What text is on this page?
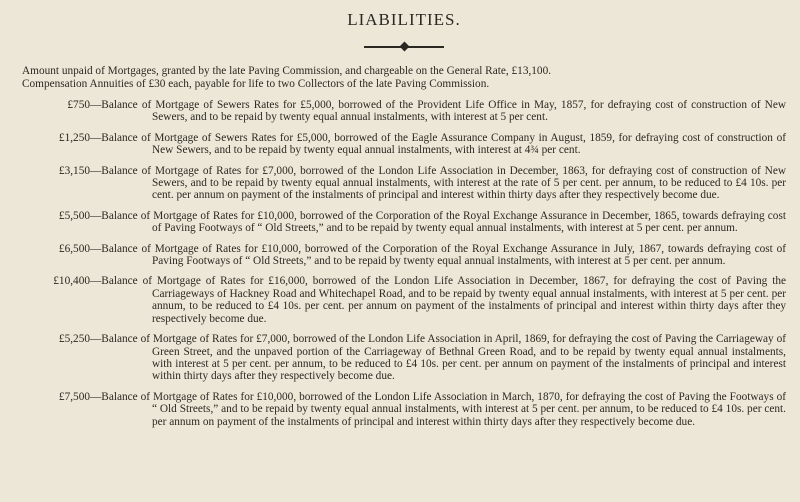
LIABILITIES.

Amount unpaid of Mortgages, granted by the late Paving Commission, and chargeable on the General Rate, £13,100.

Compensation Annuities of £30 each, payable for life to two Collectors of the late Paving Commission.

£750 —Balance of Mortgage of Sewers Rates for £5,000, borrowed of the Provident Life Office in May, 1857, for defraying cost of construction of New Sewers, and to be repaid by twenty equal annual instalments, with interest at 5 per cent.
£1,250 —Balance of Mortgage of Sewers Rates for £5,000, borrowed of the Eagle Assurance Company in August, 1859, for defraying cost of construction of New Sewers, and to be repaid by twenty equal annual instalments, with interest at 4¾ per cent.
£3,150 —Balance of Mortgage of Rates for £7,000, borrowed of the London Life Association in December, 1863, for defraying cost of construction of New Sewers, and to be repaid by twenty equal annual instalments, with interest at the rate of 5 per cent. per annum, to be reduced to £4 10s. per cent. per annum on payment of the instalments of principal and interest within thirty days after they respectively become due.
£5,500 —Balance of Mortgage of Rates for £10,000, borrowed of the Corporation of the Royal Exchange Assurance in December, 1865, towards defraying cost of Paving Footways of “ Old Streets,” and to be repaid by twenty equal annual instalments, with interest at 5 per cent. per annum.
£6,500 —Balance of Mortgage of Rates for £10,000, borrowed of the Corporation of the Royal Exchange Assurance in July, 1867, towards defraying cost of Paving Footways of “ Old Streets,” and to be repaid by twenty equal annual instalments, with interest at 5 per cent. per annum.
£10,400 —Balance of Mortgage of Rates for £16,000, borrowed of the London Life Association in December, 1867, for defraying the cost of Paving the Carriageways of Hackney Road and Whitechapel Road, and to be repaid by twenty equal annual instalments, with interest at 5 per cent. per annum, to be reduced to £4 10s. per cent. per annum on payment of the instalments of principal and interest within thirty days after they respectively become due.
£5,250 —Balance of Mortgage of Rates for £7,000, borrowed of the London Life Association in April, 1869, for defraying the cost of Paving the Carriageway of Green Street, and the unpaved portion of the Carriageway of Bethnal Green Road, and to be repaid by twenty equal annual instalments, with interest at 5 per cent. per annum, to be reduced to £4 10s. per cent. per annum on payment of the instalments of principal and interest within thirty days after they respectively become due.
£7,500 —Balance of Mortgage of Rates for £10,000, borrowed of the London Life Association in March, 1870, for defraying the cost of Paving the Footways of “ Old Streets,” and to be repaid by twenty equal annual instalments, with interest at 5 per cent. per annum, to be reduced to £4 10s. per cent. per annum on payment of the instalments of principal and interest within thirty days after they respectively become due.
